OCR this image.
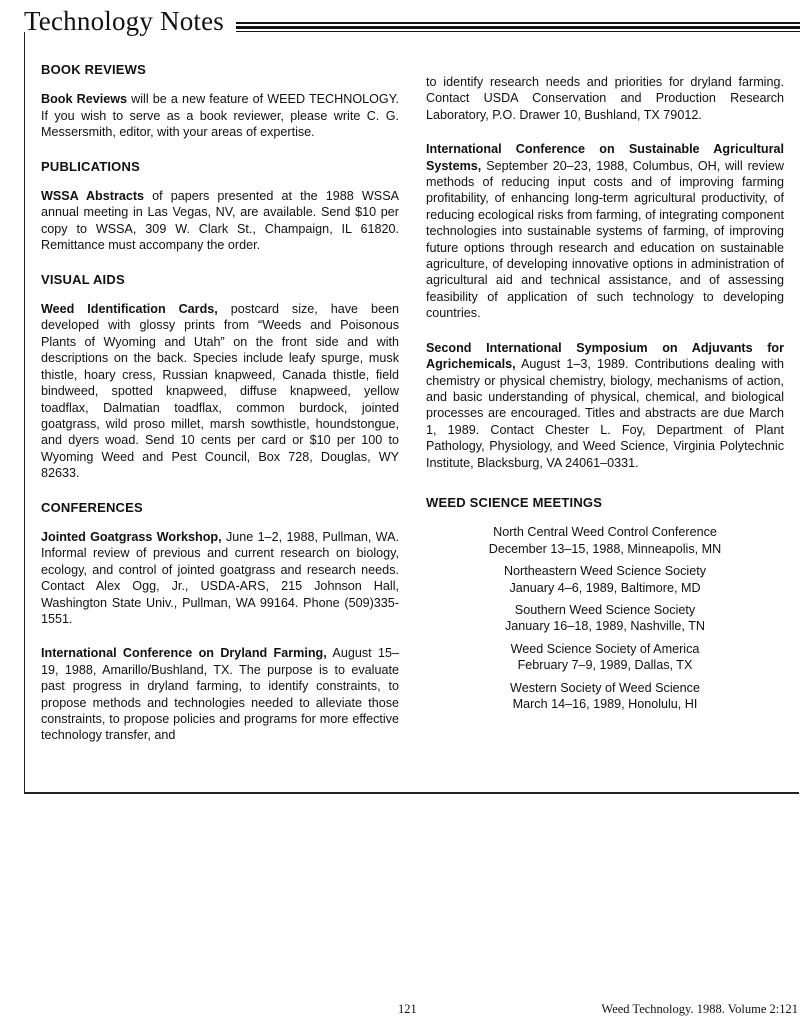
Technology Notes
BOOK REVIEWS

Book Reviews will be a new feature of WEED TECHNOLOGY. If you wish to serve as a book reviewer, please write C. G. Messersmith, editor, with your areas of expertise.

PUBLICATIONS

WSSA Abstracts of papers presented at the 1988 WSSA annual meeting in Las Vegas, NV, are available. Send $10 per copy to WSSA, 309 W. Clark St., Champaign, IL 61820. Remittance must accompany the order.

VISUAL AIDS

Weed Identification Cards, postcard size, have been developed with glossy prints from “Weeds and Poisonous Plants of Wyoming and Utah” on the front side and with descriptions on the back. Species include leafy spurge, musk thistle, hoary cress, Russian knapweed, Canada thistle, field bindweed, spotted knapweed, diffuse knapweed, yellow toadflax, Dalmatian toadflax, common burdock, jointed goatgrass, wild proso millet, marsh sowthistle, houndstongue, and dyers woad. Send 10 cents per card or $10 per 100 to Wyoming Weed and Pest Council, Box 728, Douglas, WY 82633.

CONFERENCES

Jointed Goatgrass Workshop, June 1–2, 1988, Pullman, WA. Informal review of previous and current research on biology, ecology, and control of jointed goatgrass and research needs. Contact Alex Ogg, Jr., USDA-ARS, 215 Johnson Hall, Washington State Univ., Pullman, WA 99164. Phone (509)335-1551.

International Conference on Dryland Farming, August 15–19, 1988, Amarillo/Bushland, TX. The purpose is to evaluate past progress in dryland farming, to identify constraints, to propose methods and technologies needed to alleviate those constraints, to propose policies and programs for more effective technology transfer, and

to identify research needs and priorities for dryland farming. Contact USDA Conservation and Production Research Laboratory, P.O. Drawer 10, Bushland, TX 79012.

International Conference on Sustainable Agricultural Systems, September 20–23, 1988, Columbus, OH, will review methods of reducing input costs and of improving farming profitability, of enhancing long-term agricultural productivity, of reducing ecological risks from farming, of integrating component technologies into sustainable systems of farming, of improving future options through research and education on sustainable agriculture, of developing innovative options in administration of agricultural aid and technical assistance, and of assessing feasibility of application of such technology to developing countries.

Second International Symposium on Adjuvants for Agrichemicals, August 1–3, 1989. Contributions dealing with chemistry or physical chemistry, biology, mechanisms of action, and basic understanding of physical, chemical, and biological processes are encouraged. Titles and abstracts are due March 1, 1989. Contact Chester L. Foy, Department of Plant Pathology, Physiology, and Weed Science, Virginia Polytechnic Institute, Blacksburg, VA 24061–0331.

WEED SCIENCE MEETINGS
North Central Weed Control Conference
December 13–15, 1988, Minneapolis, MN
Northeastern Weed Science Society
January 4–6, 1989, Baltimore, MD
Southern Weed Science Society
January 16–18, 1989, Nashville, TN
Weed Science Society of America
February 7–9, 1989, Dallas, TX
Western Society of Weed Science
March 14–16, 1989, Honolulu, HI
121	Weed Technology. 1988. Volume 2:121
